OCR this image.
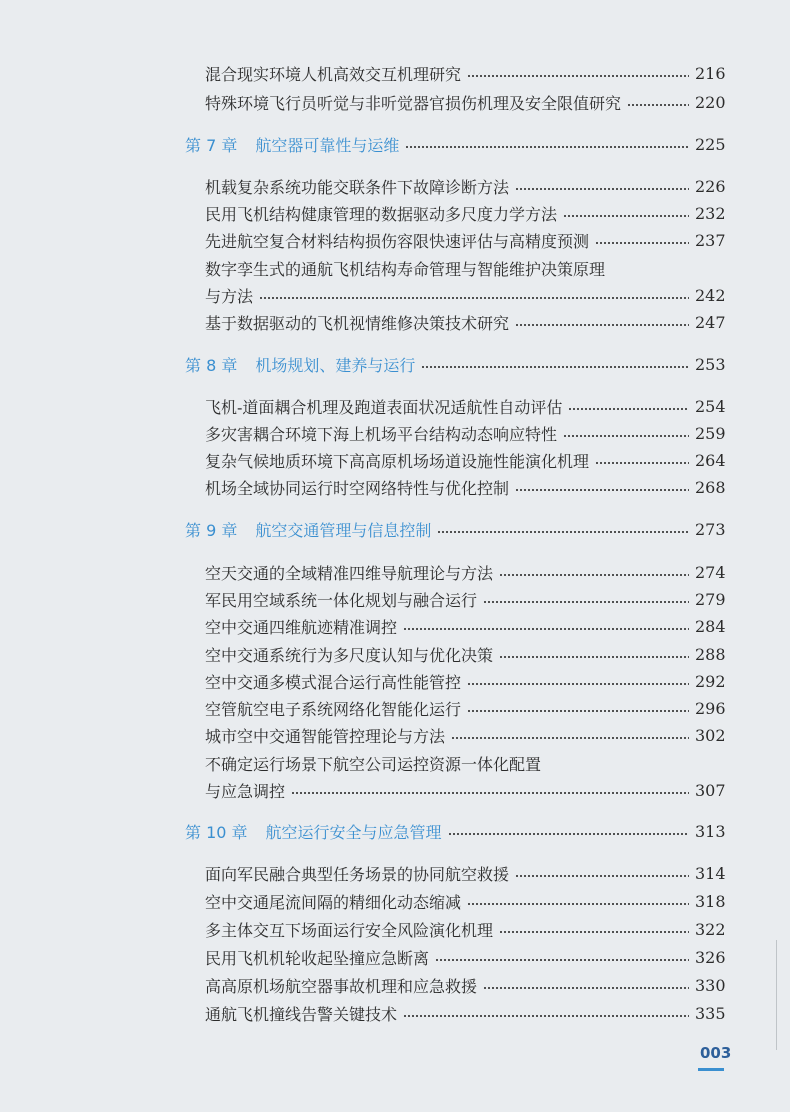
混合现实环境人机高效交互机理研究	216
特殊环境飞行员听觉与非听觉器官损伤机理及安全限值研究	220
第 7 章 航空器可靠性与运维	225
机载复杂系统功能交联条件下故障诊断方法	226
民用飞机结构健康管理的数据驱动多尺度力学方法	232
先进航空复合材料结构损伤容限快速评估与高精度预测	237
数字孪生式的通航飞机结构寿命管理与智能维护决策原理
与方法	242
基于数据驱动的飞机视情维修决策技术研究	247
第 8 章 机场规划、建养与运行	253
飞机-道面耦合机理及跑道表面状况适航性自动评估	254
多灾害耦合环境下海上机场平台结构动态响应特性	259
复杂气候地质环境下高高原机场场道设施性能演化机理	264
机场全域协同运行时空网络特性与优化控制	268
第 9 章 航空交通管理与信息控制	273
空天交通的全域精准四维导航理论与方法	274
军民用空域系统一体化规划与融合运行	279
空中交通四维航迹精准调控	284
空中交通系统行为多尺度认知与优化决策	288
空中交通多模式混合运行高性能管控	292
空管航空电子系统网络化智能化运行	296
城市空中交通智能管控理论与方法	302
不确定运行场景下航空公司运控资源一体化配置
与应急调控	307
第 10 章 航空运行安全与应急管理	313
面向军民融合典型任务场景的协同航空救援	314
空中交通尾流间隔的精细化动态缩减	318
多主体交互下场面运行安全风险演化机理	322
民用飞机机轮收起坠撞应急断离	326
高高原机场航空器事故机理和应急救援	330
通航飞机撞线告警关键技术	335
003
